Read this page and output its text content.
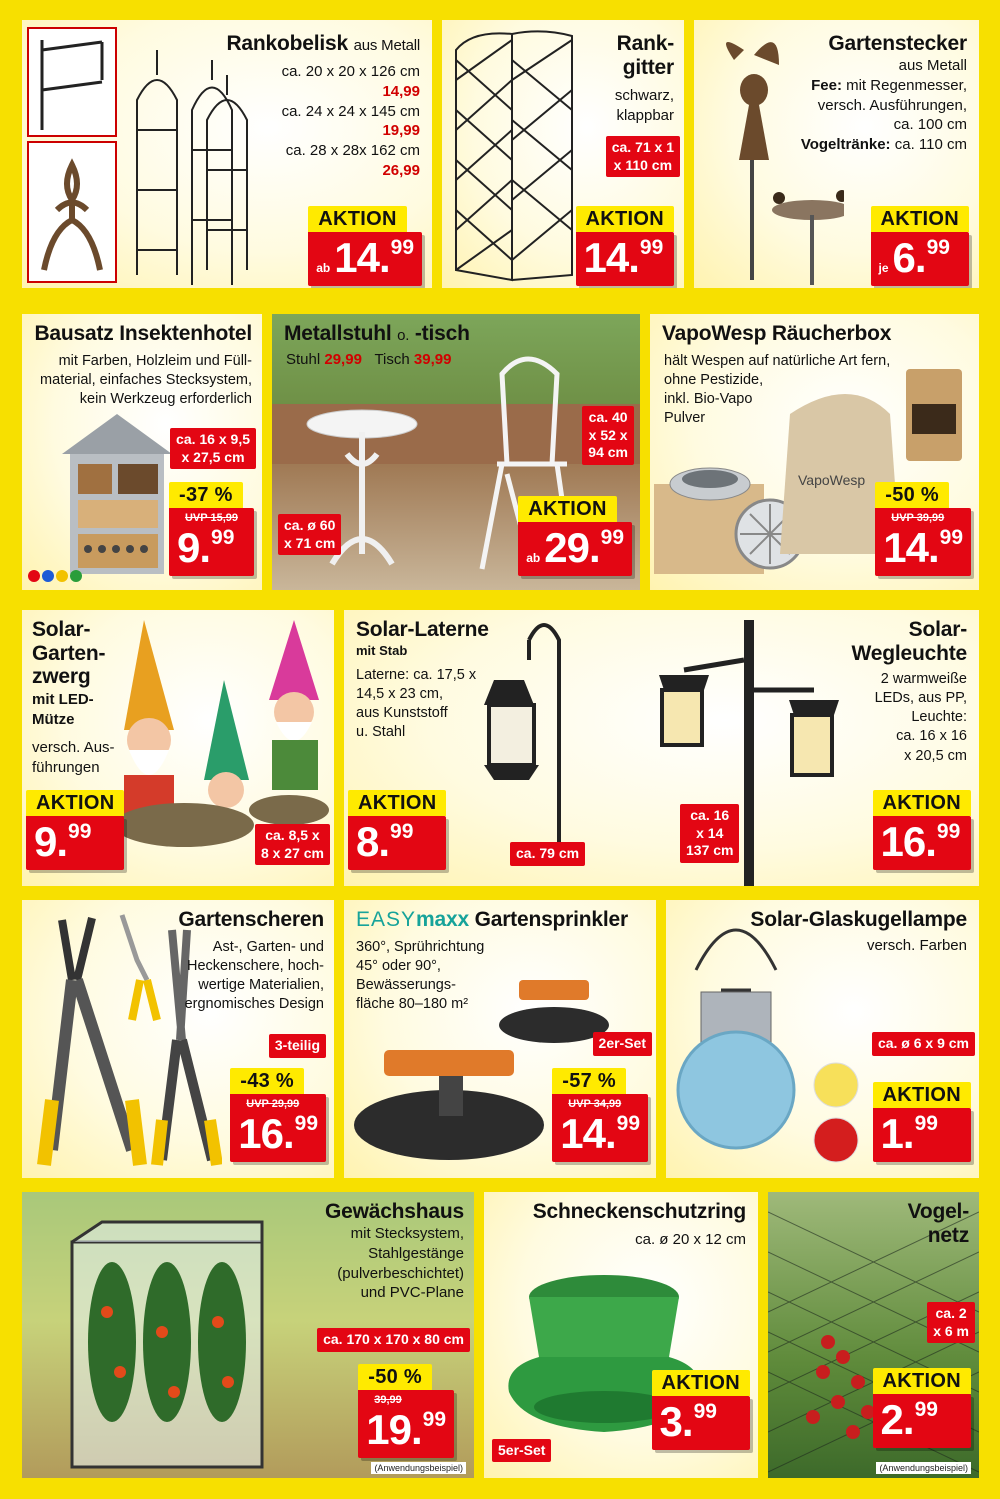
Rankobelisk aus Metall
ca. 20 x 20 x 126 cm
14,99
ca. 24 x 24 x 145 cm
19,99
ca. 28 x 28x 162 cm
26,99
AKTION
ab14.99
Rank-
gitter
schwarz,
klappbar
ca. 71 x 1
x 110 cm
AKTION
14.99
Gartenstecker
aus Metall
Fee: mit Regenmesser,
versch. Ausführungen,
ca. 100 cm
Vogeltränke: ca. 110 cm
AKTION
je6.99
Bausatz Insektenhotel
mit Farben, Holzleim und Füll-
material, einfaches Stecksystem,
kein Werkzeug erforderlich
ca. 16 x 9,5
x 27,5 cm
-37 %
UVP 15,99
9.99
Metallstuhl o. -tisch
Stuhl 29,99 Tisch 39,99
ca. 40
x 52 x
94 cm
ca. ø 60
x 71 cm
AKTION
ab29.99
VapoWesp Räucherbox
hält Wespen auf natürliche Art fern,
ohne Pestizide,
inkl. Bio-Vapo
Pulver
VapoWesp
-50 %
UVP 39,99
14.99
Solar-
Garten-
zwerg
mit LED-
Mütze
versch. Aus-
führungen
ca. 8,5 x
8 x 27 cm
AKTION
9.99
Solar-Laterne
mit Stab
Laterne: ca. 17,5 x
14,5 x 23 cm,
aus Kunststoff
u. Stahl
ca. 79 cm
AKTION
8.99
Solar-
Wegleuchte
2 warmweiße
LEDs, aus PP,
Leuchte:
ca. 16 x 16
x 20,5 cm
ca. 16
x 14
137 cm
AKTION
16.99
Gartenscheren
Ast-, Garten- und
Heckenschere, hoch-
wertige Materialien,
ergnomisches Design
3-teilig
-43 %
UVP 29,99
16.99
EASYmaxx Gartensprinkler
360°, Sprührichtung
45° oder 90°,
Bewässerungs-
fläche 80–180 m²
2er-Set
-57 %
UVP 34,99
14.99
Solar-Glaskugellampe
versch. Farben
ca. ø 6 x 9 cm
AKTION
1.99
Gewächshaus
mit Stecksystem,
Stahlgestänge
(pulverbeschichtet)
und PVC-Plane
ca. 170 x 170 x 80 cm
-50 %
39,99
19.99
(Anwendungsbeispiel)
Schneckenschutzring
ca. ø 20 x 12 cm
5er-Set
AKTION
3.99
Vogel-
netz
ca. 2
x 6 m
AKTION
2.99
(Anwendungsbeispiel)
